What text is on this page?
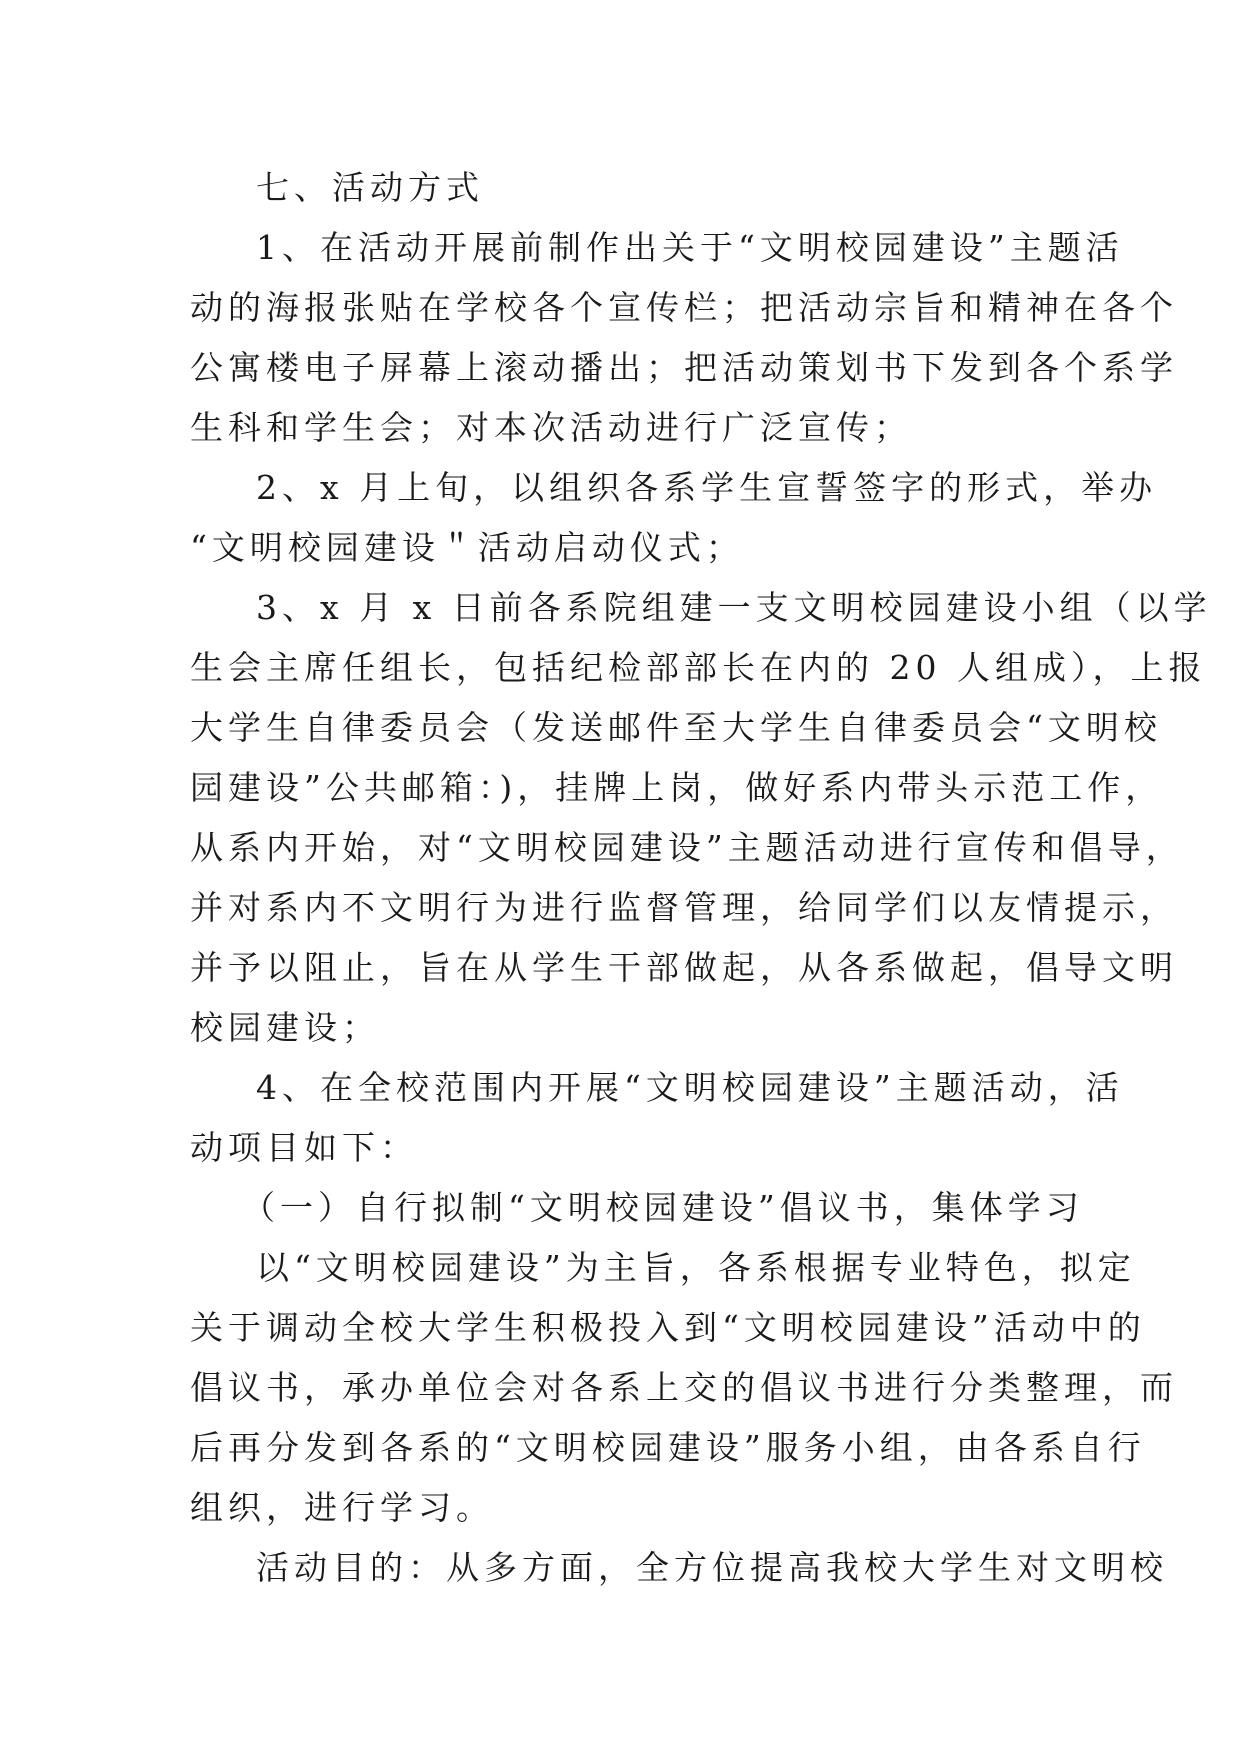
七、活动方式

1、在活动开展前制作出关于“文明校园建设”主题活
动的海报张贴在学校各个宣传栏；把活动宗旨和精神在各个
公寓楼电子屏幕上滚动播出；把活动策划书下发到各个系学
生科和学生会；对本次活动进行广泛宣传；

2、x 月上旬，以组织各系学生宣誓签字的形式，举办
“文明校园建设＂活动启动仪式；

3、x 月 x 日前各系院组建一支文明校园建设小组（以学
生会主席任组长，包括纪检部部长在内的 20 人组成），上报
大学生自律委员会（发送邮件至大学生自律委员会“文明校
园建设”公共邮箱：)，挂牌上岗，做好系内带头示范工作，
从系内开始，对“文明校园建设”主题活动进行宣传和倡导，
并对系内不文明行为进行监督管理，给同学们以友情提示，
并予以阻止，旨在从学生干部做起，从各系做起，倡导文明
校园建设；

4、在全校范围内开展“文明校园建设”主题活动，活
动项目如下：

（一）自行拟制“文明校园建设”倡议书，集体学习

以“文明校园建设”为主旨，各系根据专业特色，拟定
关于调动全校大学生积极投入到“文明校园建设”活动中的
倡议书，承办单位会对各系上交的倡议书进行分类整理，而
后再分发到各系的“文明校园建设”服务小组，由各系自行
组织，进行学习。

活动目的：从多方面，全方位提高我校大学生对文明校
